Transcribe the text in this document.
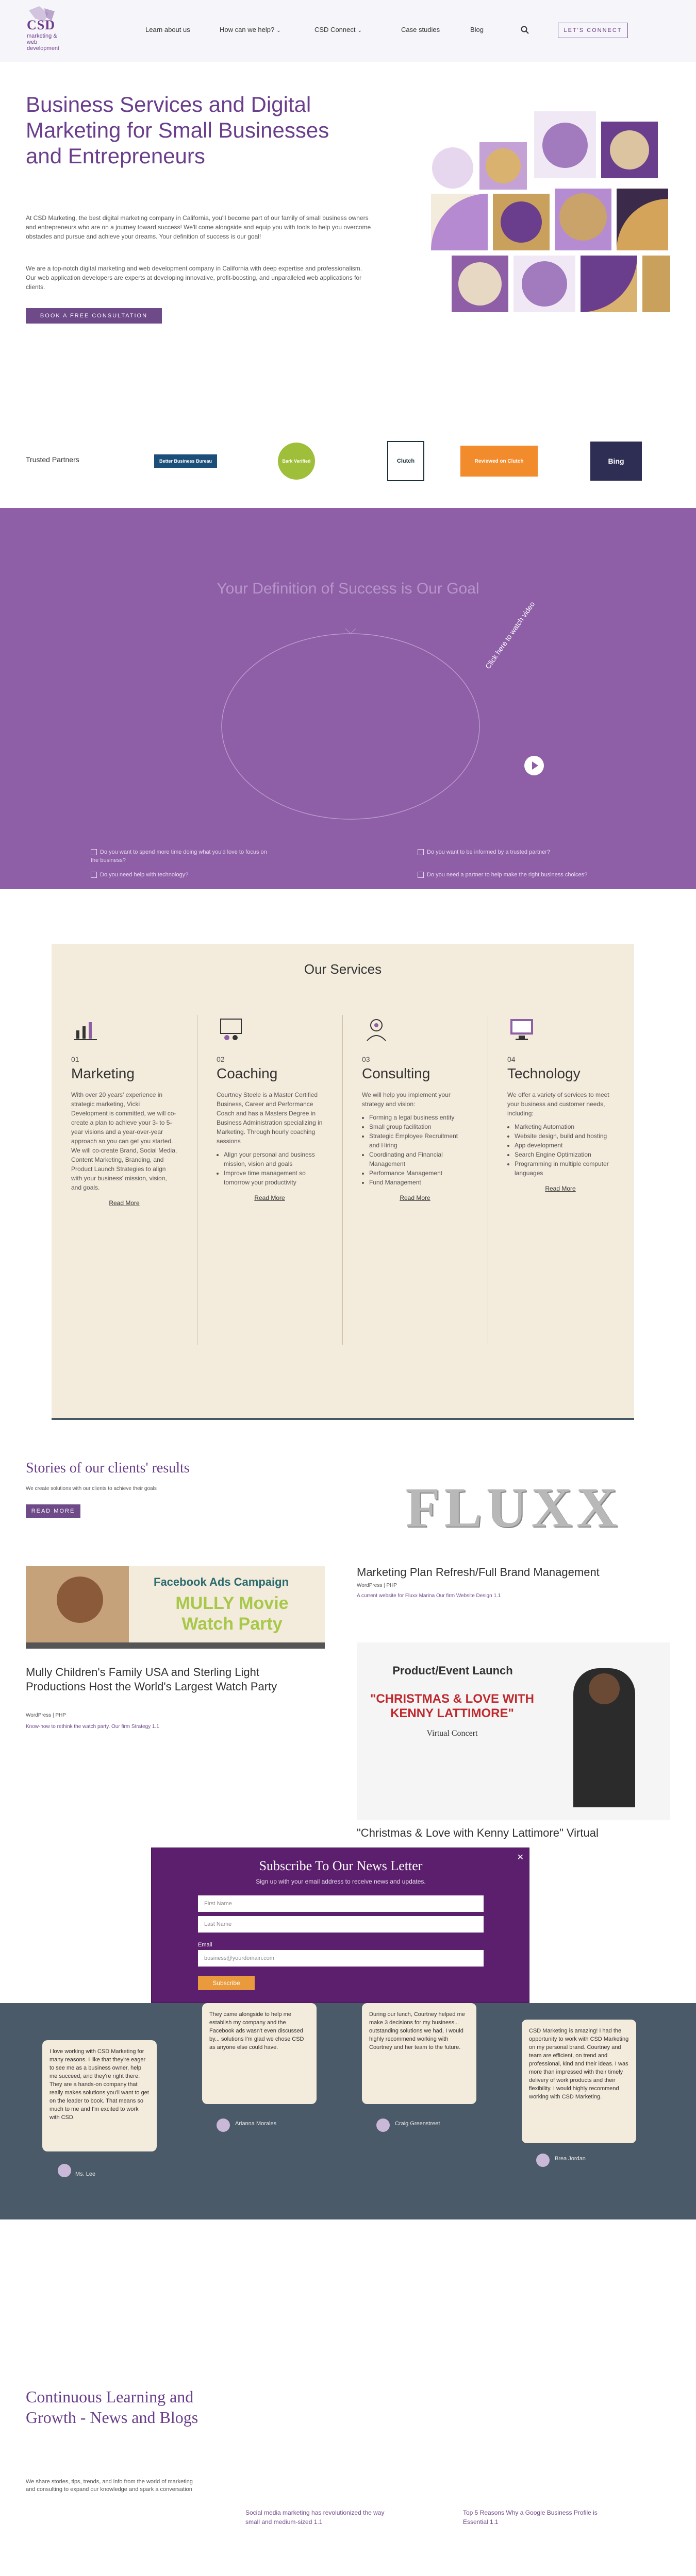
CSD
marketing & web development
Learn about us	How can we help? ⌄	CSD Connect ⌄	Case studies	Blog	LET'S CONNECT
Business Services and Digital Marketing for Small Businesses and Entrepreneurs
At CSD Marketing, the best digital marketing company in California, you'll become part of our family of small business owners and entrepreneurs who are on a journey toward success! We'll come alongside and equip you with tools to help you overcome obstacles and pursue and achieve your dreams. Your definition of success is our goal!
We are a top-notch digital marketing and web development company in California with deep expertise and professionalism. Our web application developers are experts at developing innovative, profit-boosting, and unparalleled web applications for clients.
BOOK A FREE CONSULTATION
Trusted Partners	Better Business Bureau	Bark Verified	Clutch	Reviewed on Clutch	Bing
Your Definition of Success is Our Goal
Click here to watch video
Do you want to spend more time doing what you'd love to focus on the business?
Do you want to be informed by a trusted partner?
Do you need help with technology?	Do you need a partner to help make the right business choices?
Our Services
01
Marketing
With over 20 years' experience in strategic marketing, Vicki Development is committed, we will co-create a plan to achieve your 3- to 5- year visions and a year-over-year approach so you can get you started. We will co-create Brand, Social Media, Content Marketing, Branding, and Product Launch Strategies to align with your business' mission, vision, and goals.
Read More
02
Coaching
Courtney Steele is a Master Certified Business, Career and Performance Coach and has a Masters Degree in Business Administration specializing in Marketing. Through hourly coaching sessions
• Align your personal and business mission, vision and goals
• Improve time management so tomorrow your productivity
Read More
03
Consulting
We will help you implement your strategy and vision:
• Forming a legal business entity
• Small group facilitation
• Strategic Employee Recruitment and Hiring
• Coordinating and Financial Management
• Performance Management
• Fund Management
Read More
04
Technology
We offer a variety of services to meet your business and customer needs, including:
• Marketing Automation
• Website design, build and hosting
• App development
• Search Engine Optimization
• Programming in multiple computer languages
Read More
Stories of our clients' results
We create solutions with our clients to achieve their goals
READ MORE	FLUXX
Marketing Plan Refresh/Full Brand Management
WordPress | PHP
A current website for Fluxx Marina Our firm Website Design 1.1
Facebook Ads Campaign
MULLY Movie Watch Party
Mully Children's Family USA and Sterling Light Productions Host the World's Largest Watch Party
WordPress | PHP
Know-how to rethink the watch party. Our firm Strategy 1.1
Product/Event Launch
"CHRISTMAS & LOVE WITH KENNY LATTIMORE"
Virtual Concert
"Christmas & Love with Kenny Lattimore" Virtual
I love working with CSD Marketing for many reasons. I like that they're eager to see me as a business owner, help me succeed, and they're right there. They are a hands-on company that really makes solutions you'll want to get on the leader to book. That means so much to me and I'm excited to work with CSD.
They came alongside to help me establish my company and the Facebook ads wasn't even discussed by... solutions I'm glad we chose CSD as anyone else could have.
During our lunch, Courtney helped me make 3 decisions for my business... outstanding solutions we had, I would highly recommend working with Courtney and her team to the future.
CSD Marketing is amazing! I had the opportunity to work with CSD Marketing on my personal brand. Courtney and team are efficient, on trend and professional, kind and their ideas. I was more than impressed with their timely delivery of work products and their flexibility. I would highly recommend working with CSD Marketing.
Ms. Lee
Arianna Morales	Craig Greenstreet
Brea Jordan
✕
Subscribe To Our News Letter
Sign up with your email address to receive news and updates.
First Name
Last Name
Email
business@yourdomain.com
Subscribe
Continuous Learning and Growth - News and Blogs
We share stories, tips, trends, and info from the world of marketing and consulting to expand our knowledge and spark a conversation
Social media marketing has revolutionized the way small and medium-sized 1.1
Top 5 Reasons Why a Google Business Profile is Essential 1.1
